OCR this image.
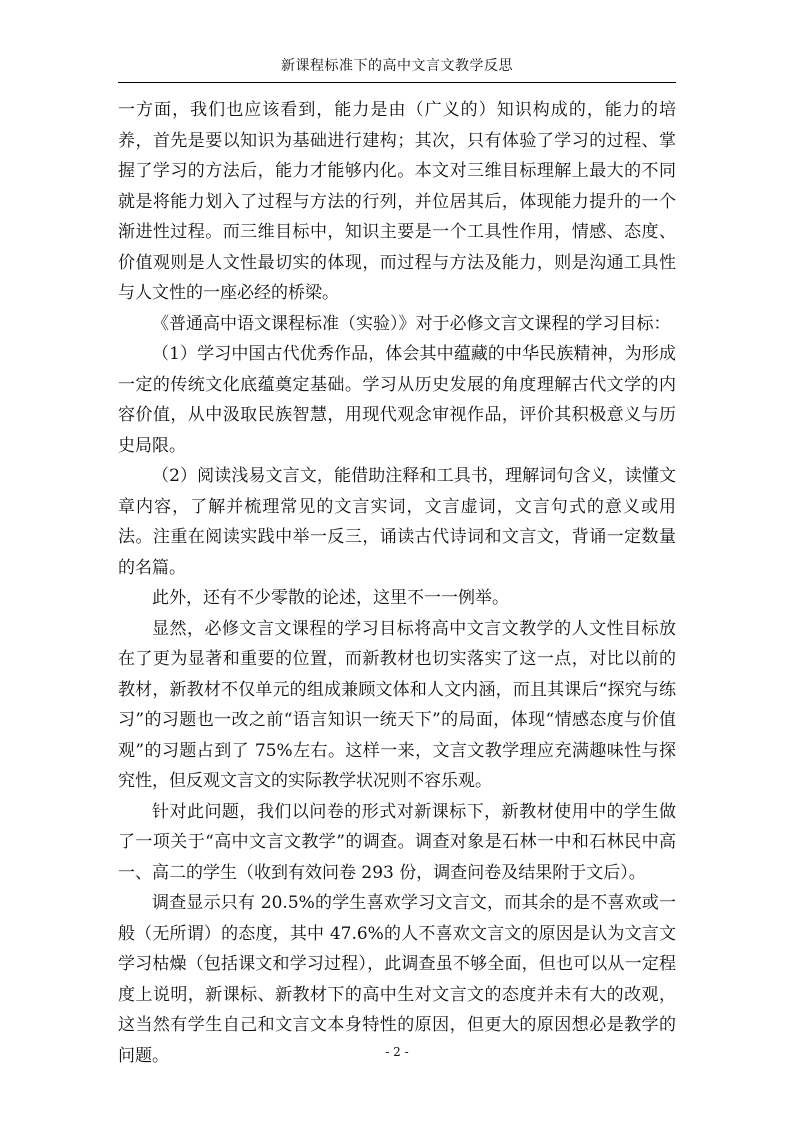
新课程标准下的高中文言文教学反思

一方面，我们也应该看到，能力是由（广义的）知识构成的，能力的培养，首先是要以知识为基础进行建构；其次，只有体验了学习的过程、掌握了学习的方法后，能力才能够内化。本文对三维目标理解上最大的不同就是将能力划入了过程与方法的行列，并位居其后，体现能力提升的一个渐进性过程。而三维目标中，知识主要是一个工具性作用，情感、态度、价值观则是人文性最切实的体现，而过程与方法及能力，则是沟通工具性与人文性的一座必经的桥梁。

《普通高中语文课程标准（实验）》对于必修文言文课程的学习目标：

（1）学习中国古代优秀作品，体会其中蕴藏的中华民族精神，为形成一定的传统文化底蕴奠定基础。学习从历史发展的角度理解古代文学的内容价值，从中汲取民族智慧，用现代观念审视作品，评价其积极意义与历史局限。

（2）阅读浅易文言文，能借助注释和工具书，理解词句含义，读懂文章内容，了解并梳理常见的文言实词，文言虚词，文言句式的意义或用法。注重在阅读实践中举一反三，诵读古代诗词和文言文，背诵一定数量的名篇。

此外，还有不少零散的论述，这里不一一例举。

显然，必修文言文课程的学习目标将高中文言文教学的人文性目标放在了更为显著和重要的位置，而新教材也切实落实了这一点，对比以前的教材，新教材不仅单元的组成兼顾文体和人文内涵，而且其课后“探究与练习”的习题也一改之前“语言知识一统天下”的局面，体现“情感态度与价值观”的习题占到了 75%左右。这样一来，文言文教学理应充满趣味性与探究性，但反观文言文的实际教学状况则不容乐观。

针对此问题，我们以问卷的形式对新课标下，新教材使用中的学生做了一项关于“高中文言文教学”的调查。调查对象是石林一中和石林民中高一、高二的学生（收到有效问卷 293 份，调查问卷及结果附于文后）。

调查显示只有 20.5%的学生喜欢学习文言文，而其余的是不喜欢或一般（无所谓）的态度，其中 47.6%的人不喜欢文言文的原因是认为文言文学习枯燥（包括课文和学习过程），此调查虽不够全面，但也可以从一定程度上说明，新课标、新教材下的高中生对文言文的态度并未有大的改观，这当然有学生自己和文言文本身特性的原因，但更大的原因想必是教学的问题。	- 2 -
